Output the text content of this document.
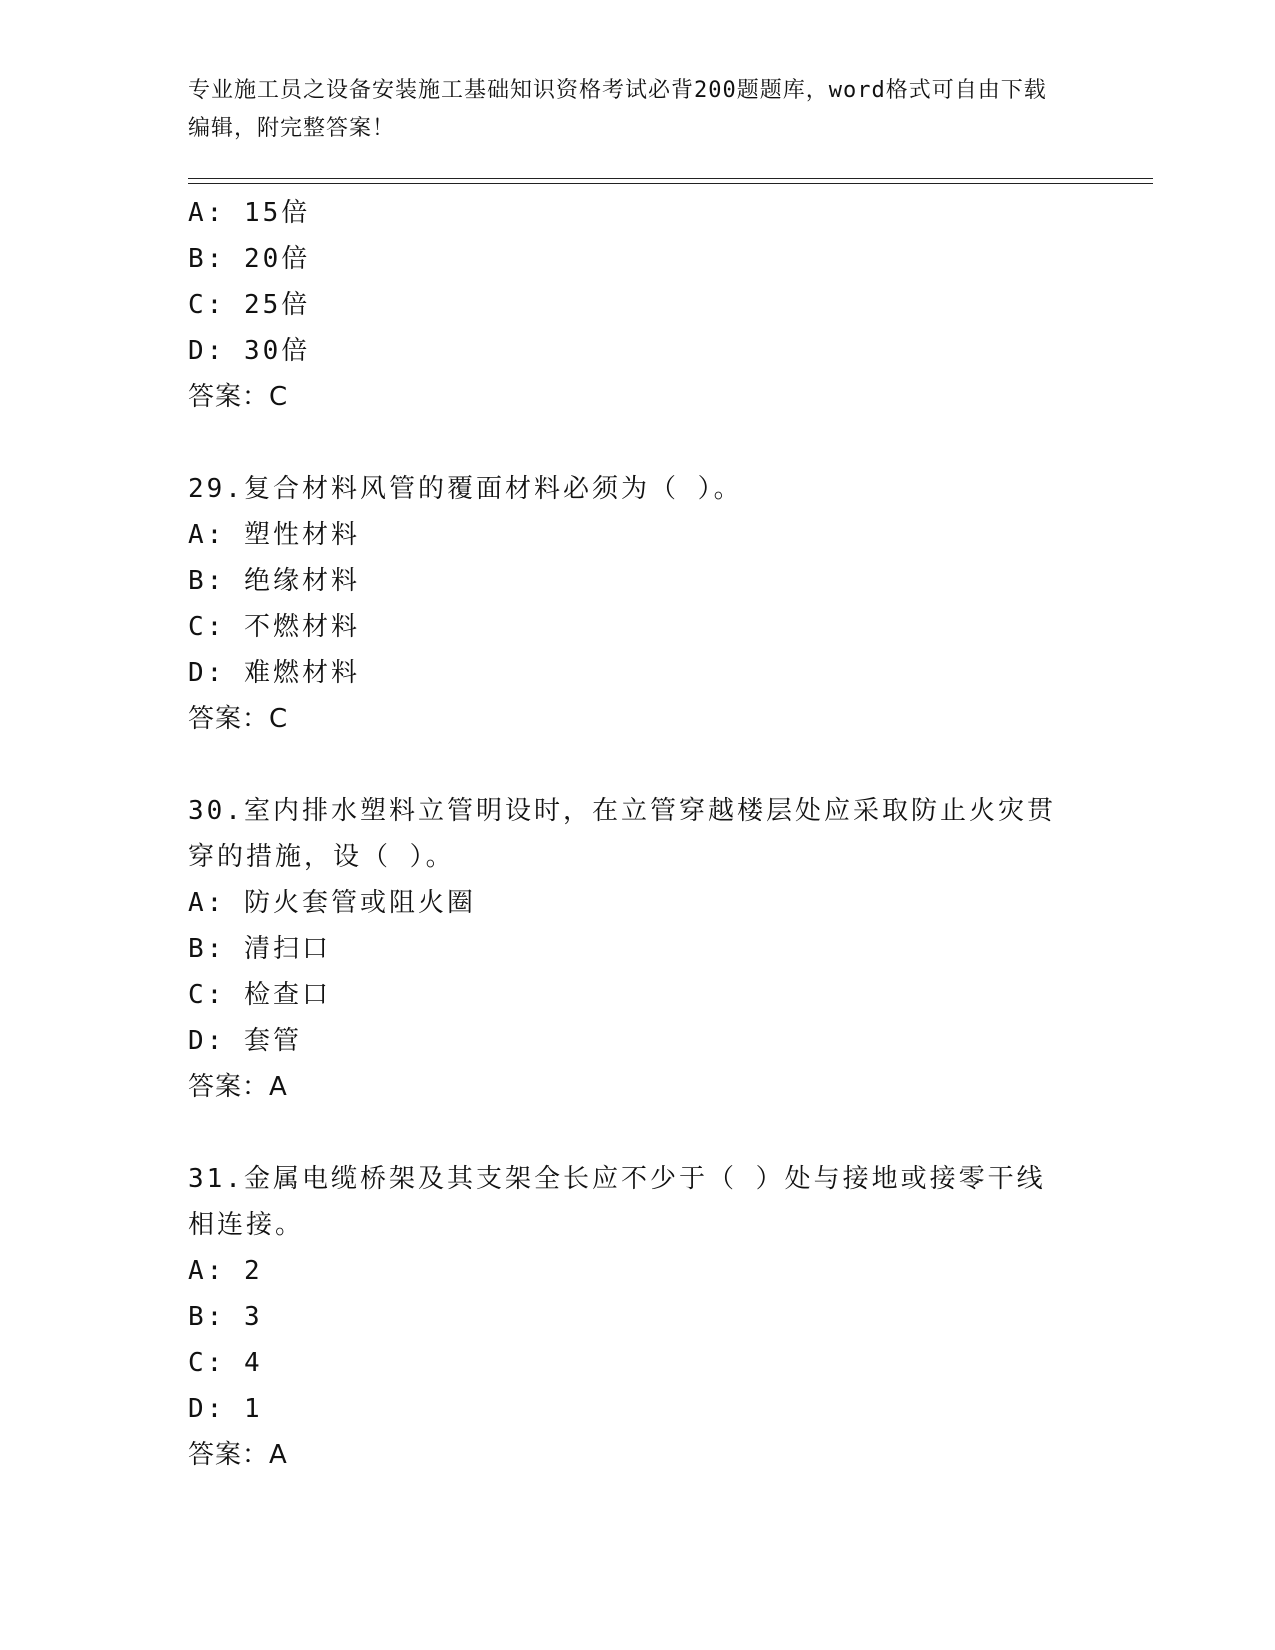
专业施工员之设备安装施工基础知识资格考试必背200题题库，word格式可自由下载编辑，附完整答案！
A: 15倍
B: 20倍
C: 25倍
D: 30倍
答案：C
29.复合材料风管的覆面材料必须为（ ）。
A: 塑性材料
B: 绝缘材料
C: 不燃材料
D: 难燃材料
答案：C
30.室内排水塑料立管明设时，在立管穿越楼层处应采取防止火灾贯穿的措施，设（ ）。
A: 防火套管或阻火圈
B: 清扫口
C: 检查口
D: 套管
答案：A
31.金属电缆桥架及其支架全长应不少于（ ）处与接地或接零干线相连接。
A: 2
B: 3
C: 4
D: 1
答案：A
